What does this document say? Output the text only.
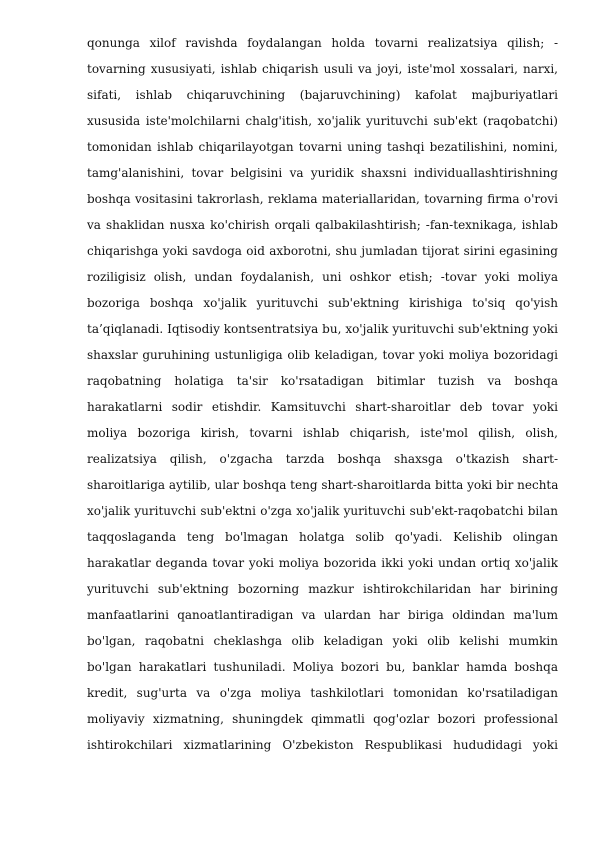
qonunga xilof ravishda foydalangan holda tovarni realizatsiya qilish; -
tovarning xususiyati, ishlab chiqarish usuli va joyi, iste'mol xossalari, narxi,
sifati, ishlab chiqaruvchining (bajaruvchining) kafolat majburiyatlari
xususida iste'molchilarni chalg'itish, xo'jalik yurituvchi sub'ekt (raqobatchi)
tomonidan ishlab chiqarilayotgan tovarni uning tashqi bezatilishini, nomini,
tamg'alanishini, tovar belgisini va yuridik shaxsni individuallashtirishning
boshqa vositasini takrorlash, reklama materiallaridan, tovarning firma o'rovi
va shaklidan nusxa ko'chirish orqali qalbakilashtirish; -fan-texnikaga, ishlab
chiqarishga yoki savdoga oid axborotni, shu jumladan tijorat sirini egasining
roziligisiz olish, undan foydalanish, uni oshkor etish; -tovar yoki moliya
bozoriga boshqa xo'jalik yurituvchi sub'ektning kirishiga to'siq qo'yish
ta’qiqlanadi. Iqtisodiy kontsentratsiya bu, xo'jalik yurituvchi sub'ektning yoki
shaxslar guruhining ustunligiga olib keladigan, tovar yoki moliya bozoridagi
raqobatning holatiga ta'sir ko'rsatadigan bitimlar tuzish va boshqa
harakatlarni sodir etishdir. Kamsituvchi shart-sharoitlar deb tovar yoki
moliya bozoriga kirish, tovarni ishlab chiqarish, iste'mol qilish, olish,
realizatsiya qilish, o'zgacha tarzda boshqa shaxsga o'tkazish shart-
sharoitlariga aytilib, ular boshqa teng shart-sharoitlarda bitta yoki bir nechta
xo'jalik yurituvchi sub'ektni o'zga xo'jalik yurituvchi sub'ekt-raqobatchi bilan
taqqoslaganda teng bo'lmagan holatga solib qo'yadi. Kelishib olingan
harakatlar deganda tovar yoki moliya bozorida ikki yoki undan ortiq xo'jalik
yurituvchi sub'ektning bozorning mazkur ishtirokchilaridan har birining
manfaatlarini qanoatlantiradigan va ulardan har biriga oldindan ma'lum
bo'lgan, raqobatni cheklashga olib keladigan yoki olib kelishi mumkin
bo'lgan harakatlari tushuniladi. Moliya bozori bu, banklar hamda boshqa
kredit, sug'urta va o'zga moliya tashkilotlari tomonidan ko'rsatiladigan
moliyaviy xizmatning, shuningdek qimmatli qog'ozlar bozori professional
ishtirokchilari xizmatlarining O'zbekiston Respublikasi hududidagi yoki
